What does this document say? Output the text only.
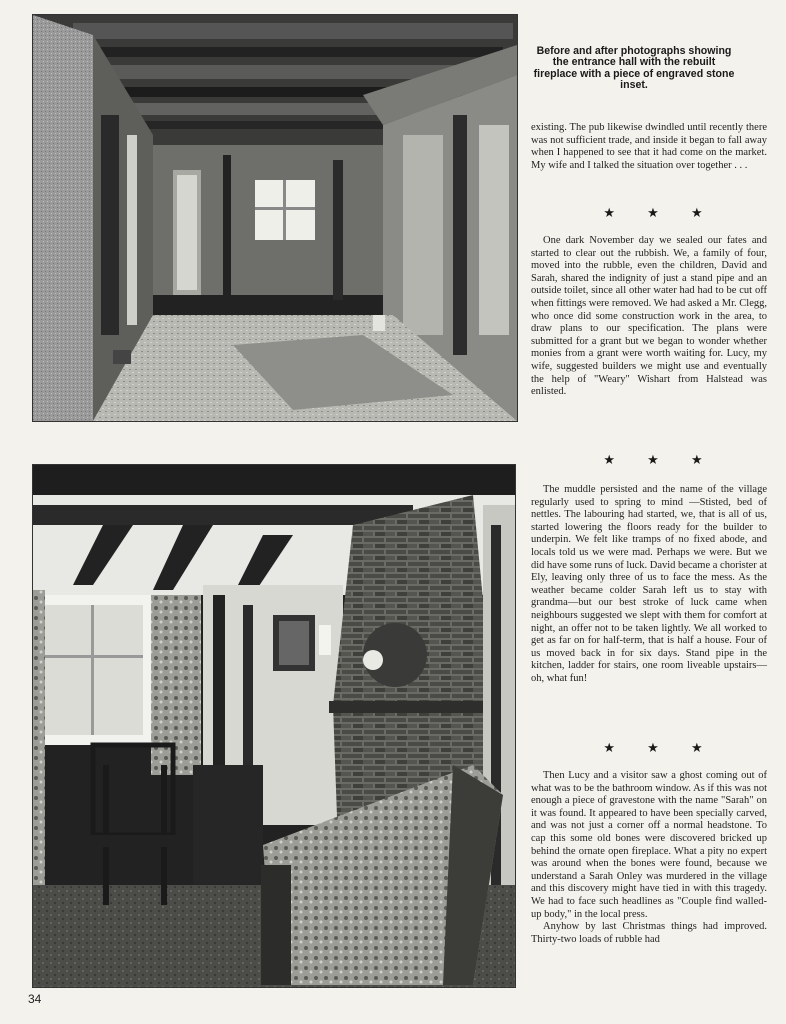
Before and after photographs showing the entrance hall with the rebuilt fireplace with a piece of engraved stone inset.

existing. The pub likewise dwindled until recently there was not sufficient trade, and inside it began to fall away when I happened to see that it had come on the market. My wife and I talked the situation over together . . .

★ ★ ★

One dark November day we sealed our fates and started to clear out the rubbish. We, a family of four, moved into the rubble, even the children, David and Sarah, shared the indignity of just a stand pipe and an outside toilet, since all other water had had to be cut off when fittings were removed. We had asked a Mr. Clegg, who once did some construction work in the area, to draw plans to our specification. The plans were submitted for a grant but we began to wonder whether monies from a grant were worth waiting for. Lucy, my wife, suggested builders we might use and eventually the help of "Weary" Wishart from Halstead was enlisted.

★ ★ ★

The muddle persisted and the name of the village regularly used to spring to mind —Stisted, bed of nettles. The labouring had started, we, that is all of us, started lowering the floors ready for the builder to underpin. We felt like tramps of no fixed abode, and locals told us we were mad. Perhaps we were. But we did have some runs of luck. David became a chorister at Ely, leaving only three of us to face the mess. As the weather became colder Sarah left us to stay with grandma—but our best stroke of luck came when neighbours suggested we slept with them for comfort at night, an offer not to be taken lightly. We all worked to get as far on for half-term, that is half a house. Four of us moved back in for six days. Stand pipe in the kitchen, ladder for stairs, one room liveable upstairs—oh, what fun!

★ ★ ★

Then Lucy and a visitor saw a ghost coming out of what was to be the bathroom window. As if this was not enough a piece of gravestone with the name "Sarah" on it was found. It appeared to have been specially carved, and was not just a corner off a normal headstone. To cap this some old bones were discovered bricked up behind the ornate open fireplace. What a pity no expert was around when the bones were found, because we understand a Sarah Onley was murdered in the village and this discovery might have tied in with this tragedy. We had to face such headlines as "Couple find walled-up body," in the local press.

Anyhow by last Christmas things had improved. Thirty-two loads of rubble had

34
